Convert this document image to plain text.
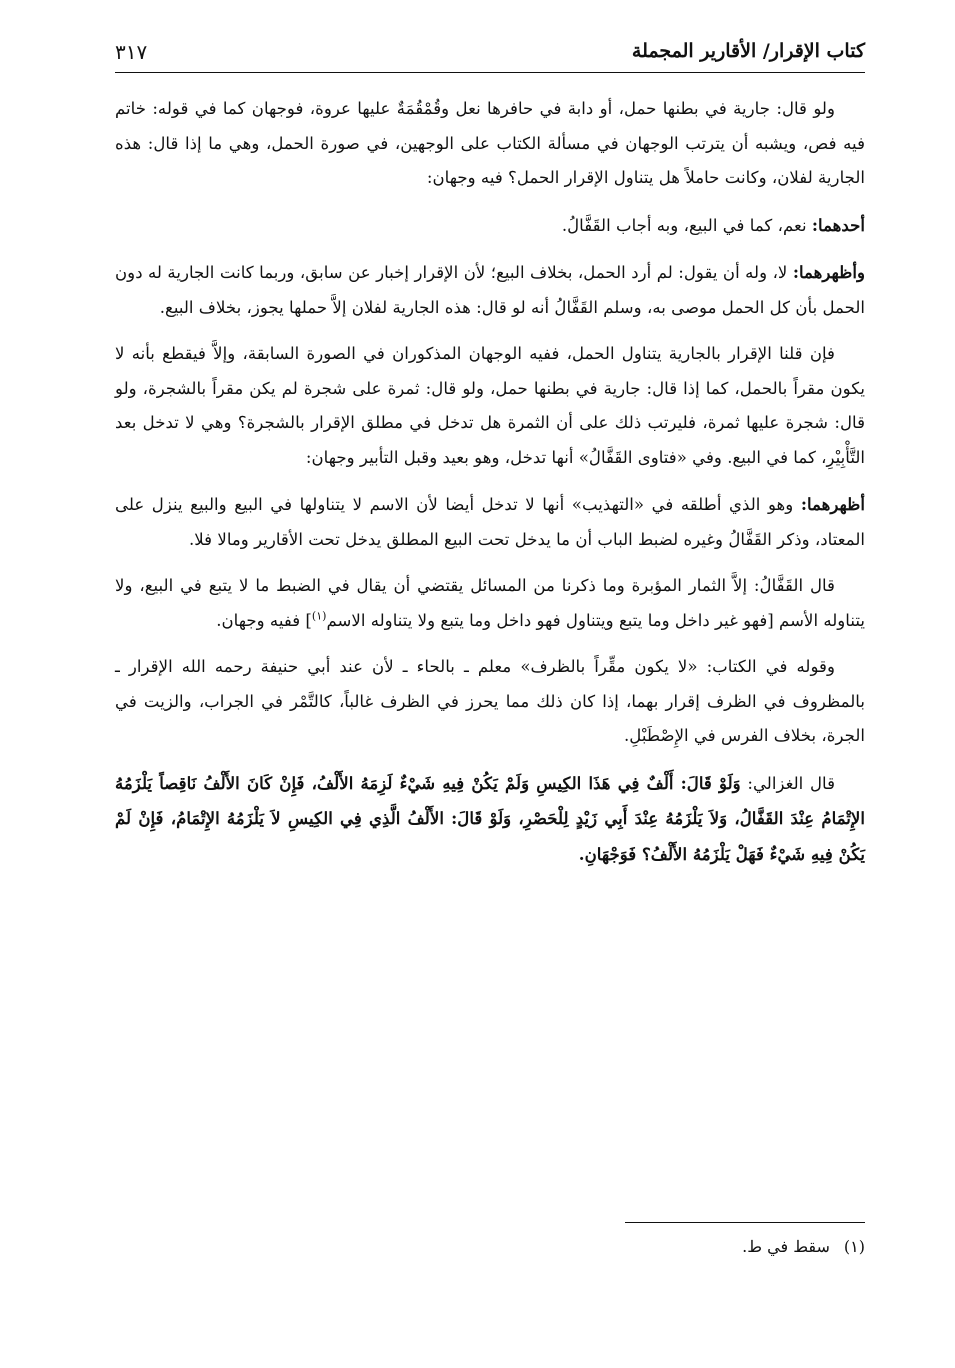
كتاب الإقرار/ الأقارير المجملة
٣١٧

ولو قال: جارية في بطنها حمل، أو دابة في حافرها نعل وقُمْقُمَةٌ عليها عروة، فوجهان كما في قوله: خاتم فيه فص، ويشبه أن يترتب الوجهان في مسألة الكتاب على الوجهين، في صورة الحمل، وهي ما إذا قال: هذه الجارية لفلان، وكانت حاملاً هل يتناول الإقرار الحمل؟ فيه وجهان:

أحدهما: نعم، كما في البيع، وبه أجاب القَفَّالُ.

وأظهرهما: لا، وله أن يقول: لم أرد الحمل، بخلاف البيع؛ لأن الإقرار إخبار عن سابق، وربما كانت الجارية له دون الحمل بأن كل الحمل موصى به، وسلم القَفَّالُ أنه لو قال: هذه الجارية لفلان إلاَّ حملها يجوز، بخلاف البيع.

فإن قلنا الإقرار بالجارية يتناول الحمل، ففيه الوجهان المذكوران في الصورة السابقة، وإلاَّ فيقطع بأنه لا يكون مقراً بالحمل، كما إذا قال: جارية في بطنها حمل، ولو قال: ثمرة على شجرة لم يكن مقراً بالشجرة، ولو قال: شجرة عليها ثمرة، فليرتب ذلك على أن الثمرة هل تدخل في مطلق الإقرار بالشجرة؟ وهي لا تدخل بعد التَّأْبِيْرِ، كما في البيع. وفي «فتاوى القَفَّالُ» أنها تدخل، وهو بعيد وقبل التأبير وجهان:

أظهرهما: وهو الذي أطلقه في «التهذيب» أنها لا تدخل أيضا لأن الاسم لا يتناولها في البيع والبيع ينزل على المعتاد، وذكر القَفَّالُ وغيره لضبط الباب أن ما يدخل تحت البيع المطلق يدخل تحت الأقارير ومالا فلا.

قال القَفَّالُ: إلاَّ الثمار المؤبرة وما ذكرنا من المسائل يقتضي أن يقال في الضبط ما لا يتبع في البيع، ولا يتناوله الأسم [فهو غير داخل وما يتبع ويتناول فهو داخل وما يتبع ولا يتناوله الاسم$^{(١)}$] ففيه وجهان.

وقوله في الكتاب: «لا يكون مقِّراً بالظرف» معلم ـ بالحاء ـ لأن عند أبي حنيفة رحمه الله الإقرار ـ بالمظروف في الظرف إقرار بهما، إذا كان ذلك مما يحرز في الظرف غالباً، كالتَّمْر في الجراب، والزيت في الجرة، بخلاف الفرس في الإِصْطَبْلِ.

قال الغزالي: وَلَوْ قَالَ: أَلْفٌ فِي هَذَا الكِيسِ وَلَمْ يَكُنْ فِيهِ شَيْءٌ لَزِمَهُ الأَلْفُ، فَإِنْ كَانَ الأَلْفُ نَاقِصاً يَلْزَمُهُ الإِتْمَامُ عِنْدَ القَفَّالُ، وَلاَ يَلْزَمُهُ عِنْدَ أَبِي زَيْدٍ لِلْحَصْرِ، وَلَوْ قَالَ: الأَلْفُ الَّذِي فِي الكِيسِ لاَ يَلْزَمُهُ الإِتْمَامُ، فَإِنْ لَمْ يَكُنْ فِيهِ شَيْءٌ فَهَلْ يَلْزَمُهُ الأَلْفُ؟ فَوَجْهَانِ.

(١)سقط في ط.
